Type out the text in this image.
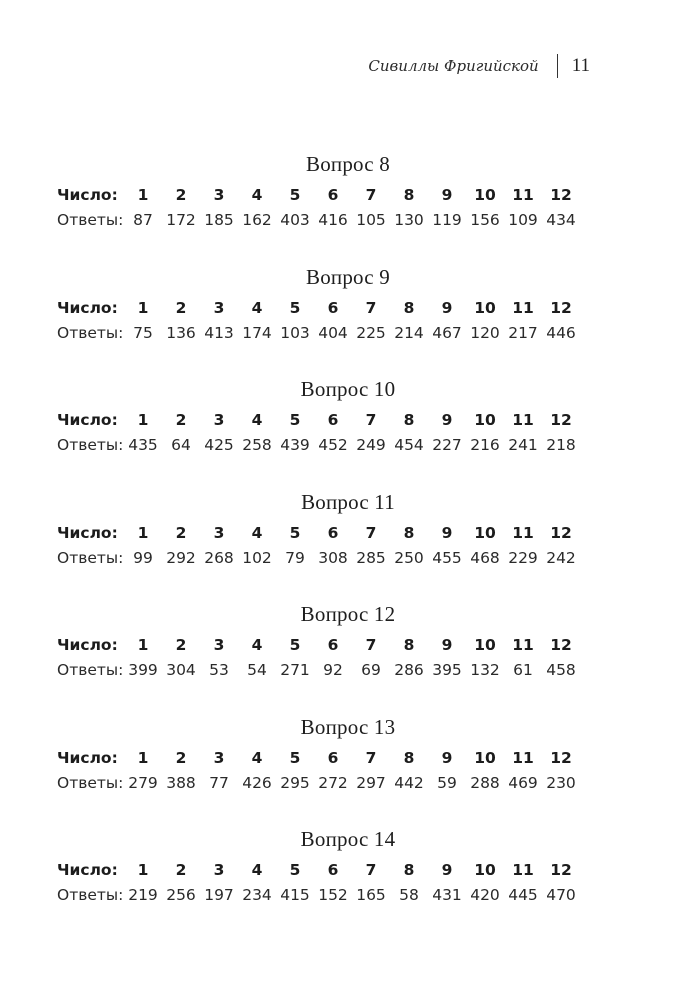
Сивиллы Фригийской 11
Вопрос 8
Число:	1	2	3	4	5	6	7	8	9	10	11	12
Ответы: 87 172 185 162 403 416 105 130 119 156 109 434
Вопрос 9
Число:	1	2	3	4	5	6	7	8	9	10	11	12
Ответы: 75 136 413 174 103 404 225 214 467 120 217 446
Вопрос 10
Число:	1	2	3	4	5	6	7	8	9	10	11	12
Ответы: 435 64 425 258 439 452 249 454 227 216 241 218
Вопрос 11
Число:	1	2	3	4	5	6	7	8	9	10	11	12
Ответы: 99 292 268 102 79 308 285 250 455 468 229 242
Вопрос 12
Число:	1	2	3	4	5	6	7	8	9	10	11	12
Ответы: 399 304 53	54 271 92	69 286 395 132 61 458
Вопрос 13
Число:	1	2	3	4	5	6	7	8	9	10	11	12
Ответы: 279 388 77 426 295 272 297 442 59 288 469 230
Вопрос 14
Число:	1	2	3	4	5	6	7	8	9	10	11	12
Ответы: 219 256 197 234 415 152 165 58 431 420 445 470
